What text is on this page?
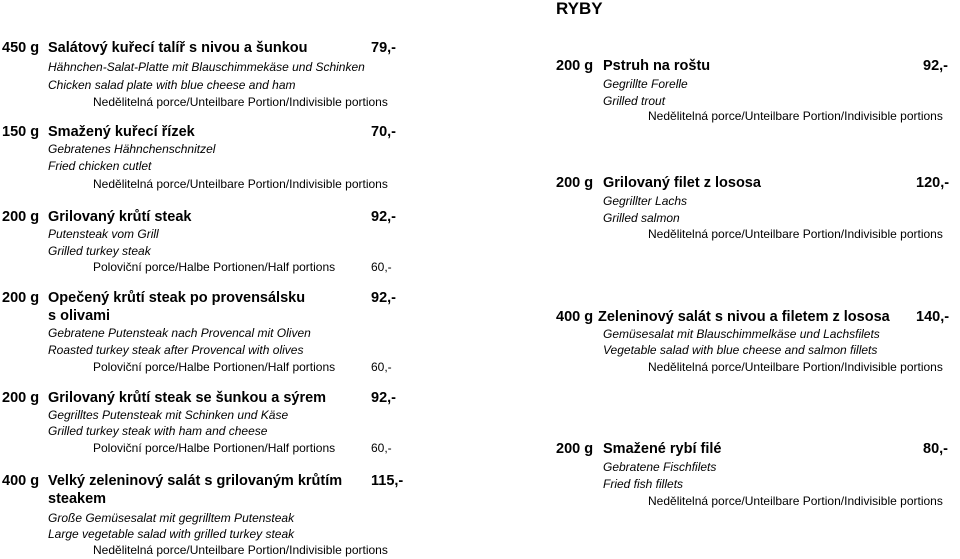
RYBY
450 g Salátový kuřecí talíř s nivou a šunkou	79,-
Hähnchen-Salat-Platte mit Blauschimmekäse und Schinken
Chicken salad plate with blue cheese and ham
Nedělitelná porce/Unteilbare Portion/Indivisible portions
150 g Smažený kuřecí řízek	70,-
Gebratenes Hähnchenschnitzel
Fried chicken cutlet
Nedělitelná porce/Unteilbare Portion/Indivisible portions
200 g Grilovaný krůtí steak	92,-
Putensteak vom Grill
Grilled turkey steak
Poloviční porce/Halbe Portionen/Half portions	60,-
200 g Opečený krůtí steak po provensálsku	92,-
s olivami
Gebratene Putensteak nach Provencal mit Oliven
Roasted turkey steak after Provencal with olives
Poloviční porce/Halbe Portionen/Half portions	60,-
200 g Grilovaný krůtí steak se šunkou a sýrem	92,-
Gegrilltes Putensteak mit Schinken und Käse
Grilled turkey steak with ham and cheese
Poloviční porce/Halbe Portionen/Half portions	60,-
400 g Velký zeleninový salát s grilovaným krůtím 115,-
steakem
Große Gemüsesalat mit gegrilltem Putensteak
Large vegetable salad with grilled turkey steak
Nedělitelná porce/Unteilbare Portion/Indivisible portions
200 g Pstruh na roštu	92,-
Gegrillte Forelle
Grilled trout
Nedělitelná porce/Unteilbare Portion/Indivisible portions
200 g Grilovaný filet z lososa	120,-
Gegrillter Lachs
Grilled salmon
Nedělitelná porce/Unteilbare Portion/Indivisible portions
400 g Zeleninový salát s nivou a filetem z lososa 140,-
Gemüsesalat mit Blauschimmelkäse und Lachsfilets
Vegetable salad with blue cheese and salmon fillets
Nedělitelná porce/Unteilbare Portion/Indivisible portions
200 g Smažené rybí filé	80,-
Gebratene Fischfilets
Fried fish fillets
Nedělitelná porce/Unteilbare Portion/Indivisible portions
